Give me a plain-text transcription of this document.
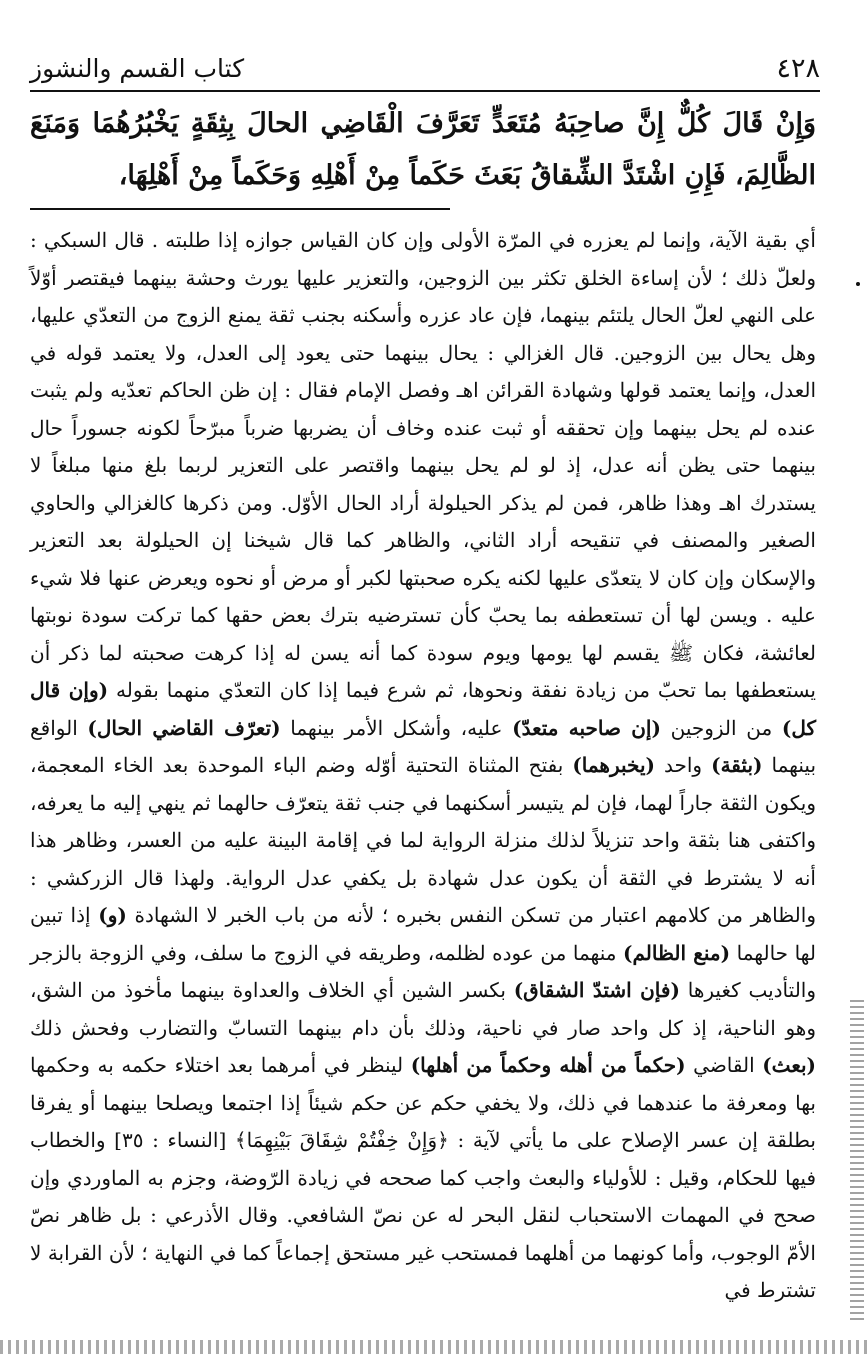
٤٢٨
كتاب القسم والنشوز
وَإِنْ قَالَ كُلٌّ إِنَّ صاحِبَهُ مُتَعَدٍّ تَعَرَّفَ الْقَاضِي الحالَ بِثِقَةٍ يَخْبُرُهُمَا وَمَنَعَ الظَّالِمَ، فَإِنِ اشْتَدَّ الشِّقاقُ بَعَثَ حَكَماً مِنْ أَهْلِهِ وَحَكَماً مِنْ أَهْلِهَا،
أي بقية الآية، وإنما لم يعزره في المرّة الأولى وإن كان القياس جوازه إذا طلبته . قال السبكي : ولعلّ ذلك ؛ لأن إساءة الخلق تكثر بين الزوجين، والتعزير عليها يورث وحشة بينهما فيقتصر أوّلاً على النهي لعلّ الحال يلتئم بينهما، فإن عاد عزره وأسكنه بجنب ثقة يمنع الزوج من التعدّي عليها، وهل يحال بين الزوجين. قال الغزالي : يحال بينهما حتى يعود إلى العدل، ولا يعتمد قوله في العدل، وإنما يعتمد قولها وشهادة القرائن اهـ وفصل الإمام فقال : إن ظن الحاكم تعدّيه ولم يثبت عنده لم يحل بينهما وإن تحققه أو ثبت عنده وخاف أن يضربها ضرباً مبرّحاً لكونه جسوراً حال بينهما حتى يظن أنه عدل، إذ لو لم يحل بينهما واقتصر على التعزير لربما بلغ منها مبلغاً لا يستدرك اهـ وهذا ظاهر، فمن لم يذكر الحيلولة أراد الحال الأوّل. ومن ذكرها كالغزالي والحاوي الصغير والمصنف في تنقيحه أراد الثاني، والظاهر كما قال شيخنا إن الحيلولة بعد التعزير والإسكان وإن كان لا يتعدّى عليها لكنه يكره صحبتها لكبر أو مرض أو نحوه ويعرض عنها فلا شيء عليه . ويسن لها أن تستعطفه بما يحبّ كأن تسترضيه بترك بعض حقها كما تركت سودة نوبتها لعائشة، فكان ﷺ يقسم لها يومها ويوم سودة كما أنه يسن له إذا كرهت صحبته لما ذكر أن يستعطفها بما تحبّ من زيادة نفقة ونحوها، ثم شرع فيما إذا كان التعدّي منهما بقوله (وإن قال كل) من الزوجين (إن صاحبه متعدّ) عليه، وأشكل الأمر بينهما (تعرّف القاضي الحال) الواقع بينهما (بثقة) واحد (يخبرهما) بفتح المثناة التحتية أوّله وضم الباء الموحدة بعد الخاء المعجمة، ويكون الثقة جاراً لهما، فإن لم يتيسر أسكنهما في جنب ثقة يتعرّف حالهما ثم ينهي إليه ما يعرفه، واكتفى هنا بثقة واحد تنزيلاً لذلك منزلة الرواية لما في إقامة البينة عليه من العسر، وظاهر هذا أنه لا يشترط في الثقة أن يكون عدل شهادة بل يكفي عدل الرواية. ولهذا قال الزركشي : والظاهر من كلامهم اعتبار من تسكن النفس بخبره ؛ لأنه من باب الخبر لا الشهادة (و) إذا تبين لها حالهما (منع الظالم) منهما من عوده لظلمه، وطريقه في الزوج ما سلف، وفي الزوجة بالزجر والتأديب كغيرها (فإن اشتدّ الشقاق) بكسر الشين أي الخلاف والعداوة بينهما مأخوذ من الشق، وهو الناحية، إذ كل واحد صار في ناحية، وذلك بأن دام بينهما التسابّ والتضارب وفحش ذلك (بعث) القاضي (حكماً من أهله وحكماً من أهلها) لينظر في أمرهما بعد اختلاء حكمه به وحكمها بها ومعرفة ما عندهما في ذلك، ولا يخفي حكم عن حكم شيئاً إذا اجتمعا ويصلحا بينهما أو يفرقا بطلقة إن عسر الإصلاح على ما يأتي لآية : ﴿وَإِنْ خِفْتُمْ شِقَاقَ بَيْنِهِمَا﴾ [النساء : ٣٥] والخطاب فيها للحكام، وقيل : للأولياء والبعث واجب كما صححه في زيادة الرّوضة، وجزم به الماوردي وإن صحح في المهمات الاستحباب لنقل البحر له عن نصّ الشافعي. وقال الأذرعي : بل ظاهر نصّ الأمّ الوجوب، وأما كونهما من أهلهما فمستحب غير مستحق إجماعاً كما في النهاية ؛ لأن القرابة لا تشترط في
